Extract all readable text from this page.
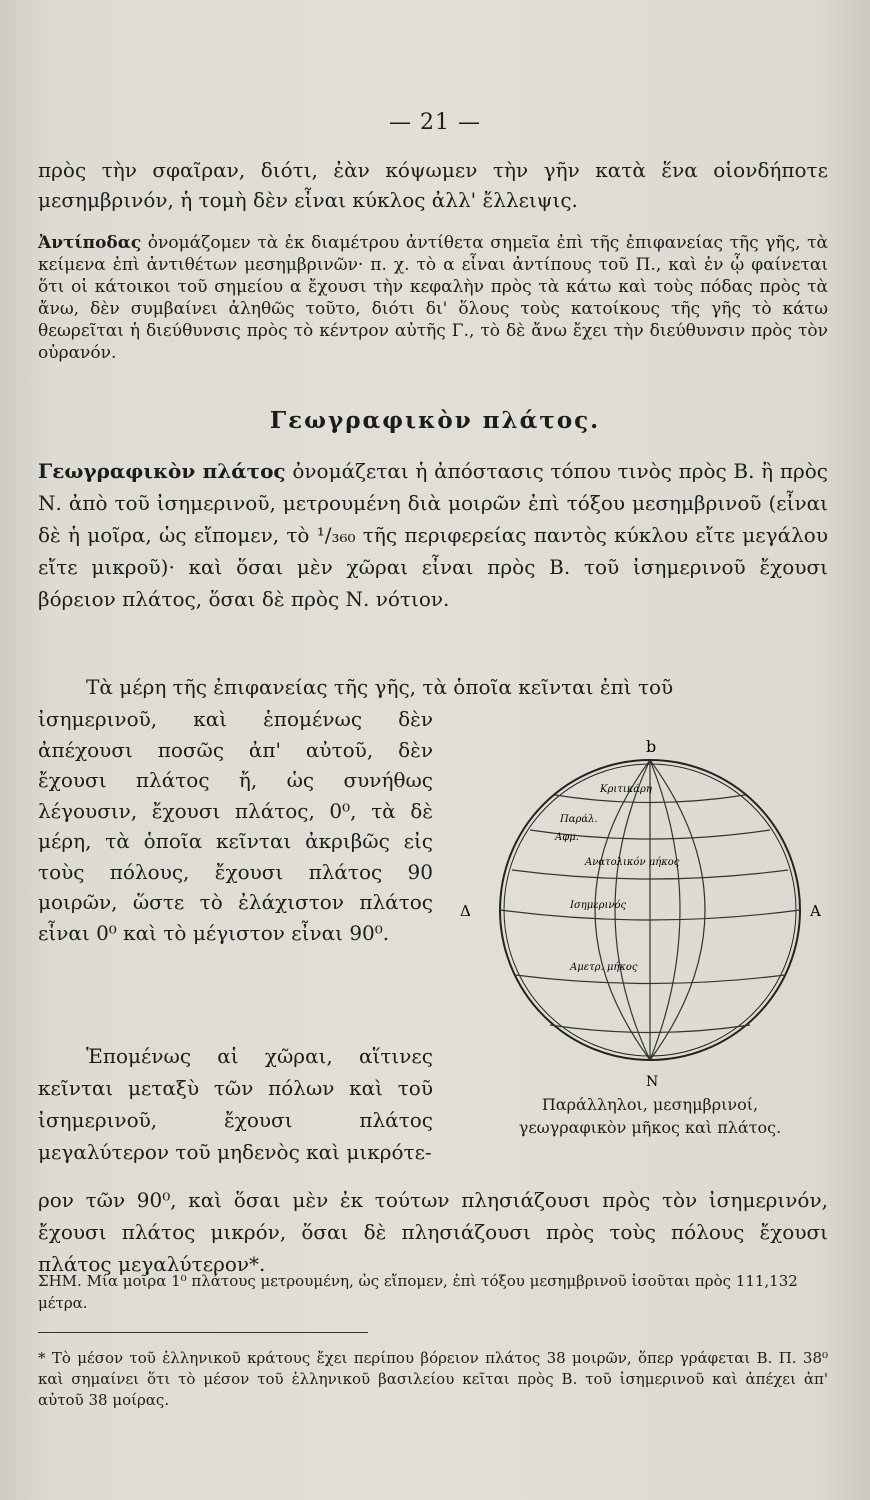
— 21 —
πρὸς τὴν σφαῖραν, διότι, ἐὰν κόψωμεν τὴν γῆν κατὰ ἕνα οἱονδήποτε μεσημβρινόν, ἡ τομὴ δὲν εἶναι κύκλος ἀλλ' ἔλλειψις.
Ἀντίποδας ὀνομάζομεν τὰ ἐκ διαμέτρου ἀντίθετα σημεῖα ἐπὶ τῆς ἐπιφανείας τῆς γῆς, τὰ κείμενα ἐπὶ ἀντιθέτων μεσημβρινῶν· π. χ. τὸ α εἶναι ἀντίπους τοῦ Π., καὶ ἐν ᾧ φαίνεται ὅτι οἱ κάτοικοι τοῦ σημείου α ἔχουσι τὴν κεφαλὴν πρὸς τὰ κάτω καὶ τοὺς πόδας πρὸς τὰ ἄνω, δὲν συμβαίνει ἀληθῶς τοῦτο, διότι δι' ὅλους τοὺς κατοίκους τῆς γῆς τὸ κάτω θεωρεῖται ἡ διεύθυνσις πρὸς τὸ κέντρον αὐτῆς Γ., τὸ δὲ ἄνω ἔχει τὴν διεύθυνσιν πρὸς τὸν οὐρανόν.
Γεωγραφικὸν πλάτος.
Γεωγραφικὸν πλάτος ὀνομάζεται ἡ ἀπόστασις τόπου τινὸς πρὸς Β. ἢ πρὸς Ν. ἀπὸ τοῦ ἰσημερινοῦ, μετρουμένη διὰ μοιρῶν ἐπὶ τόξου μεσημβρινοῦ (εἶναι δὲ ἡ μοῖρα, ὡς εἴπομεν, τὸ ¹/₃₆₀ τῆς περιφερείας παντὸς κύκλου εἴτε μεγάλου εἴτε μικροῦ)· καὶ ὅσαι μὲν χῶραι εἶναι πρὸς Β. τοῦ ἰσημερινοῦ ἔχουσι βόρειον πλάτος, ὅσαι δὲ πρὸς Ν. νότιον.
Τὰ μέρη τῆς ἐπιφανείας τῆς γῆς, τὰ ὁποῖα κεῖνται ἐπὶ τοῦ
ἰσημερινοῦ, καὶ ἑπομένως δὲν ἀπέχουσι ποσῶς ἀπ' αὐτοῦ, δὲν ἔχουσι πλάτος ἤ, ὡς συνήθως λέγουσιν, ἔχουσι πλάτος, 0⁰, τὰ δὲ μέρη, τὰ ὁποῖα κεῖνται ἀκριβῶς εἰς τοὺς πόλους, ἔχουσι πλάτος 90 μοιρῶν, ὥστε τὸ ἐλάχιστον πλάτος εἶναι 0⁰ καὶ τὸ μέγιστον εἶναι 90⁰.
Ἑπομένως αἱ χῶραι, αἵτινες κεῖνται μεταξὺ τῶν πόλων καὶ τοῦ ἰσημερινοῦ, ἔχουσι πλάτος μεγαλύτερον τοῦ μηδενὸς καὶ μικρότε-
ρον τῶν 90⁰, καὶ ὅσαι μὲν ἐκ τούτων πλησιάζουσι πρὸς τὸν ἰσημερινόν, ἔχουσι πλάτος μικρόν, ὅσαι δὲ πλησιάζουσι πρὸς τοὺς πόλους ἔχουσι πλάτος μεγαλύτερον*.
b
Δ	A
N
Κριτικάρη
Παράλ.
Αφμ.
Ανατολικόν μήκος
Ισημερινός
Αμετρ. μήκος
Παράλληλοι, μεσημβρινοί,
γεωγραφικὸν μῆκος καὶ πλάτος.
ΣΗΜ. Μία μοῖρα 1⁰ πλάτους μετρουμένη, ὡς εἴπομεν, ἐπὶ τόξου μεσημβρινοῦ ἰσοῦται πρὸς 111,132 μέτρα.
* Τὸ μέσον τοῦ ἑλληνικοῦ κράτους ἔχει περίπου βόρειον πλάτος 38 μοιρῶν, ὅπερ γράφεται Β. Π. 38⁰ καὶ σημαίνει ὅτι τὸ μέσον τοῦ ἑλληνικοῦ βασιλείου κεῖται πρὸς Β. τοῦ ἰσημερινοῦ καὶ ἀπέχει ἀπ' αὐτοῦ 38 μοίρας.
